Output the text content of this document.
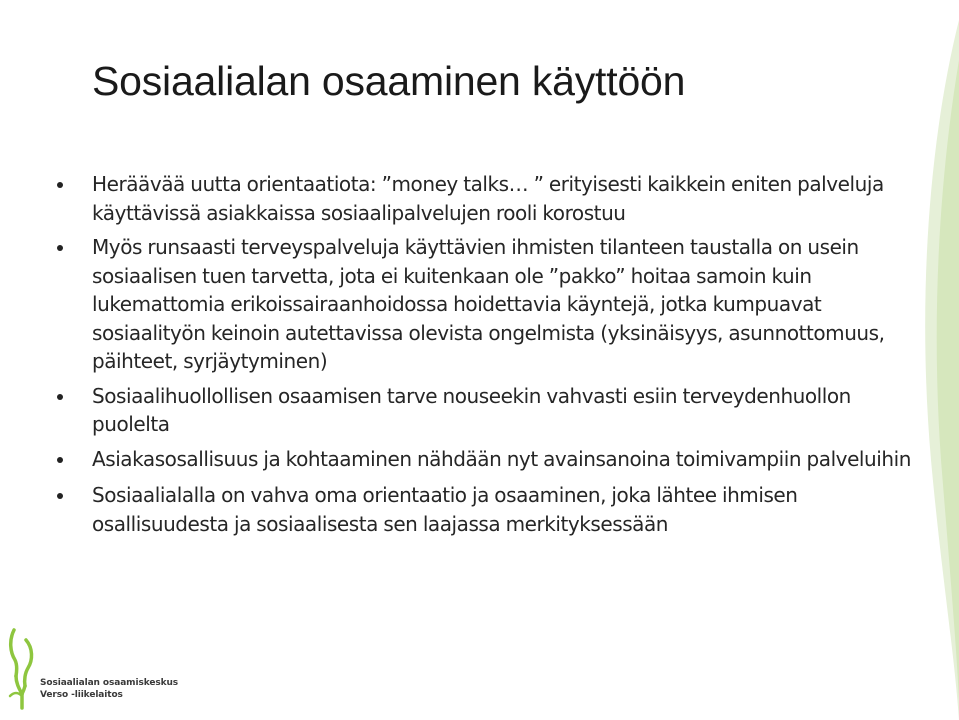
Sosiaalialan osaaminen käyttöön
Heräävää uutta orientaatiota: ”money talks… ” erityisesti kaikkein eniten palveluja käyttävissä asiakkaissa sosiaalipalvelujen rooli korostuu
Myös runsaasti terveyspalveluja käyttävien ihmisten tilanteen taustalla on usein sosiaalisen tuen tarvetta, jota ei kuitenkaan ole ”pakko” hoitaa samoin kuin lukemattomia erikoissairaanhoidossa hoidettavia käyntejä, jotka kumpuavat sosiaalityön keinoin autettavissa olevista ongelmista (yksinäisyys, asunnottomuus, päihteet, syrjäytyminen)
Sosiaalihuollollisen osaamisen tarve nouseekin vahvasti esiin terveydenhuollon puolelta
Asiakasosallisuus ja kohtaaminen nähdään nyt avainsanoina toimivampiin palveluihin
Sosiaalialalla on vahva oma orientaatio ja osaaminen, joka lähtee ihmisen osallisuudesta ja sosiaalisesta sen laajassa merkityksessään
Sosiaalialan osaamiskeskus
Verso -liikelaitos
